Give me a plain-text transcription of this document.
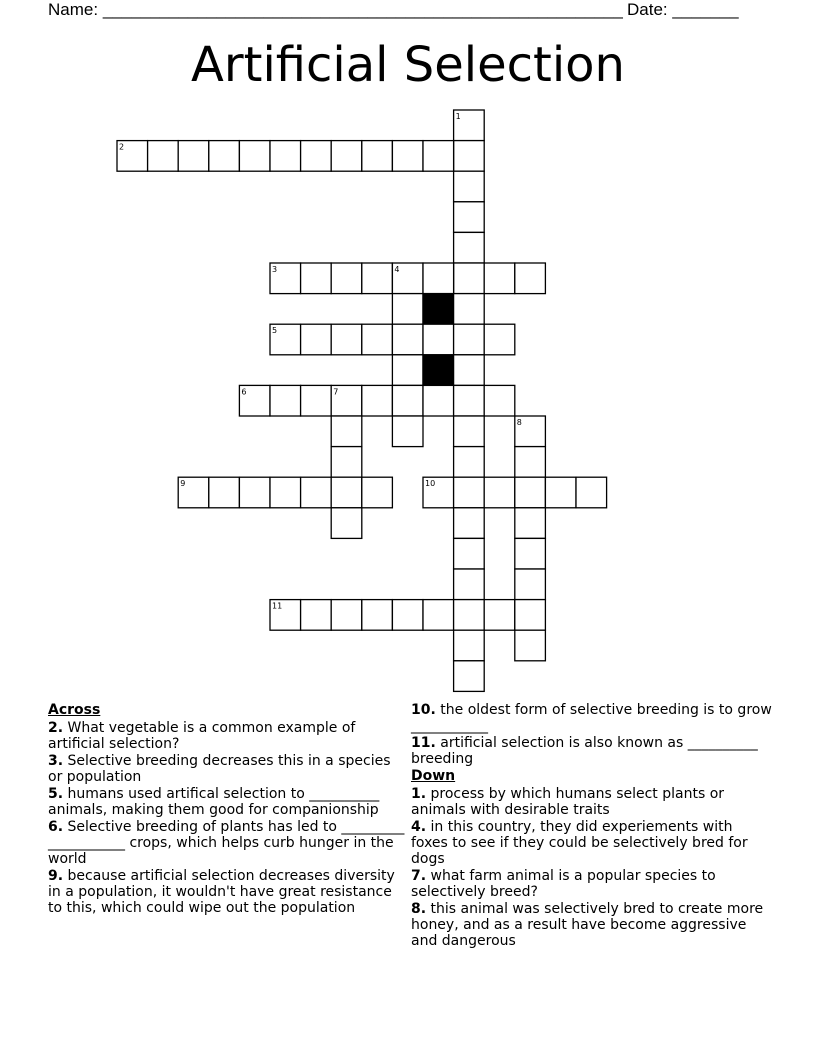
Name: _______________________________________________________ Date: _______
Artificial Selection
1
2
3	4
5
6	7
8
9	10
11
Across
2. What vegetable is a common example of artificial selection?
3. Selective breeding decreases this in a species or population
5. humans used artifical selection to __________ animals, making them good for companionship
6. Selective breeding of plants has led to _________ ___________ crops, which helps curb hunger in the world
9. because artificial selection decreases diversity in a population, it wouldn't have great resistance to this, which could wipe out the population
10. the oldest form of selective breeding is to grow ___________
11. artificial selection is also known as __________ breeding
Down
1. process by which humans select plants or animals with desirable traits
4. in this country, they did experiements with foxes to see if they could be selectively bred for dogs
7. what farm animal is a popular species to selectively breed?
8. this animal was selectively bred to create more honey, and as a result have become aggressive and dangerous
